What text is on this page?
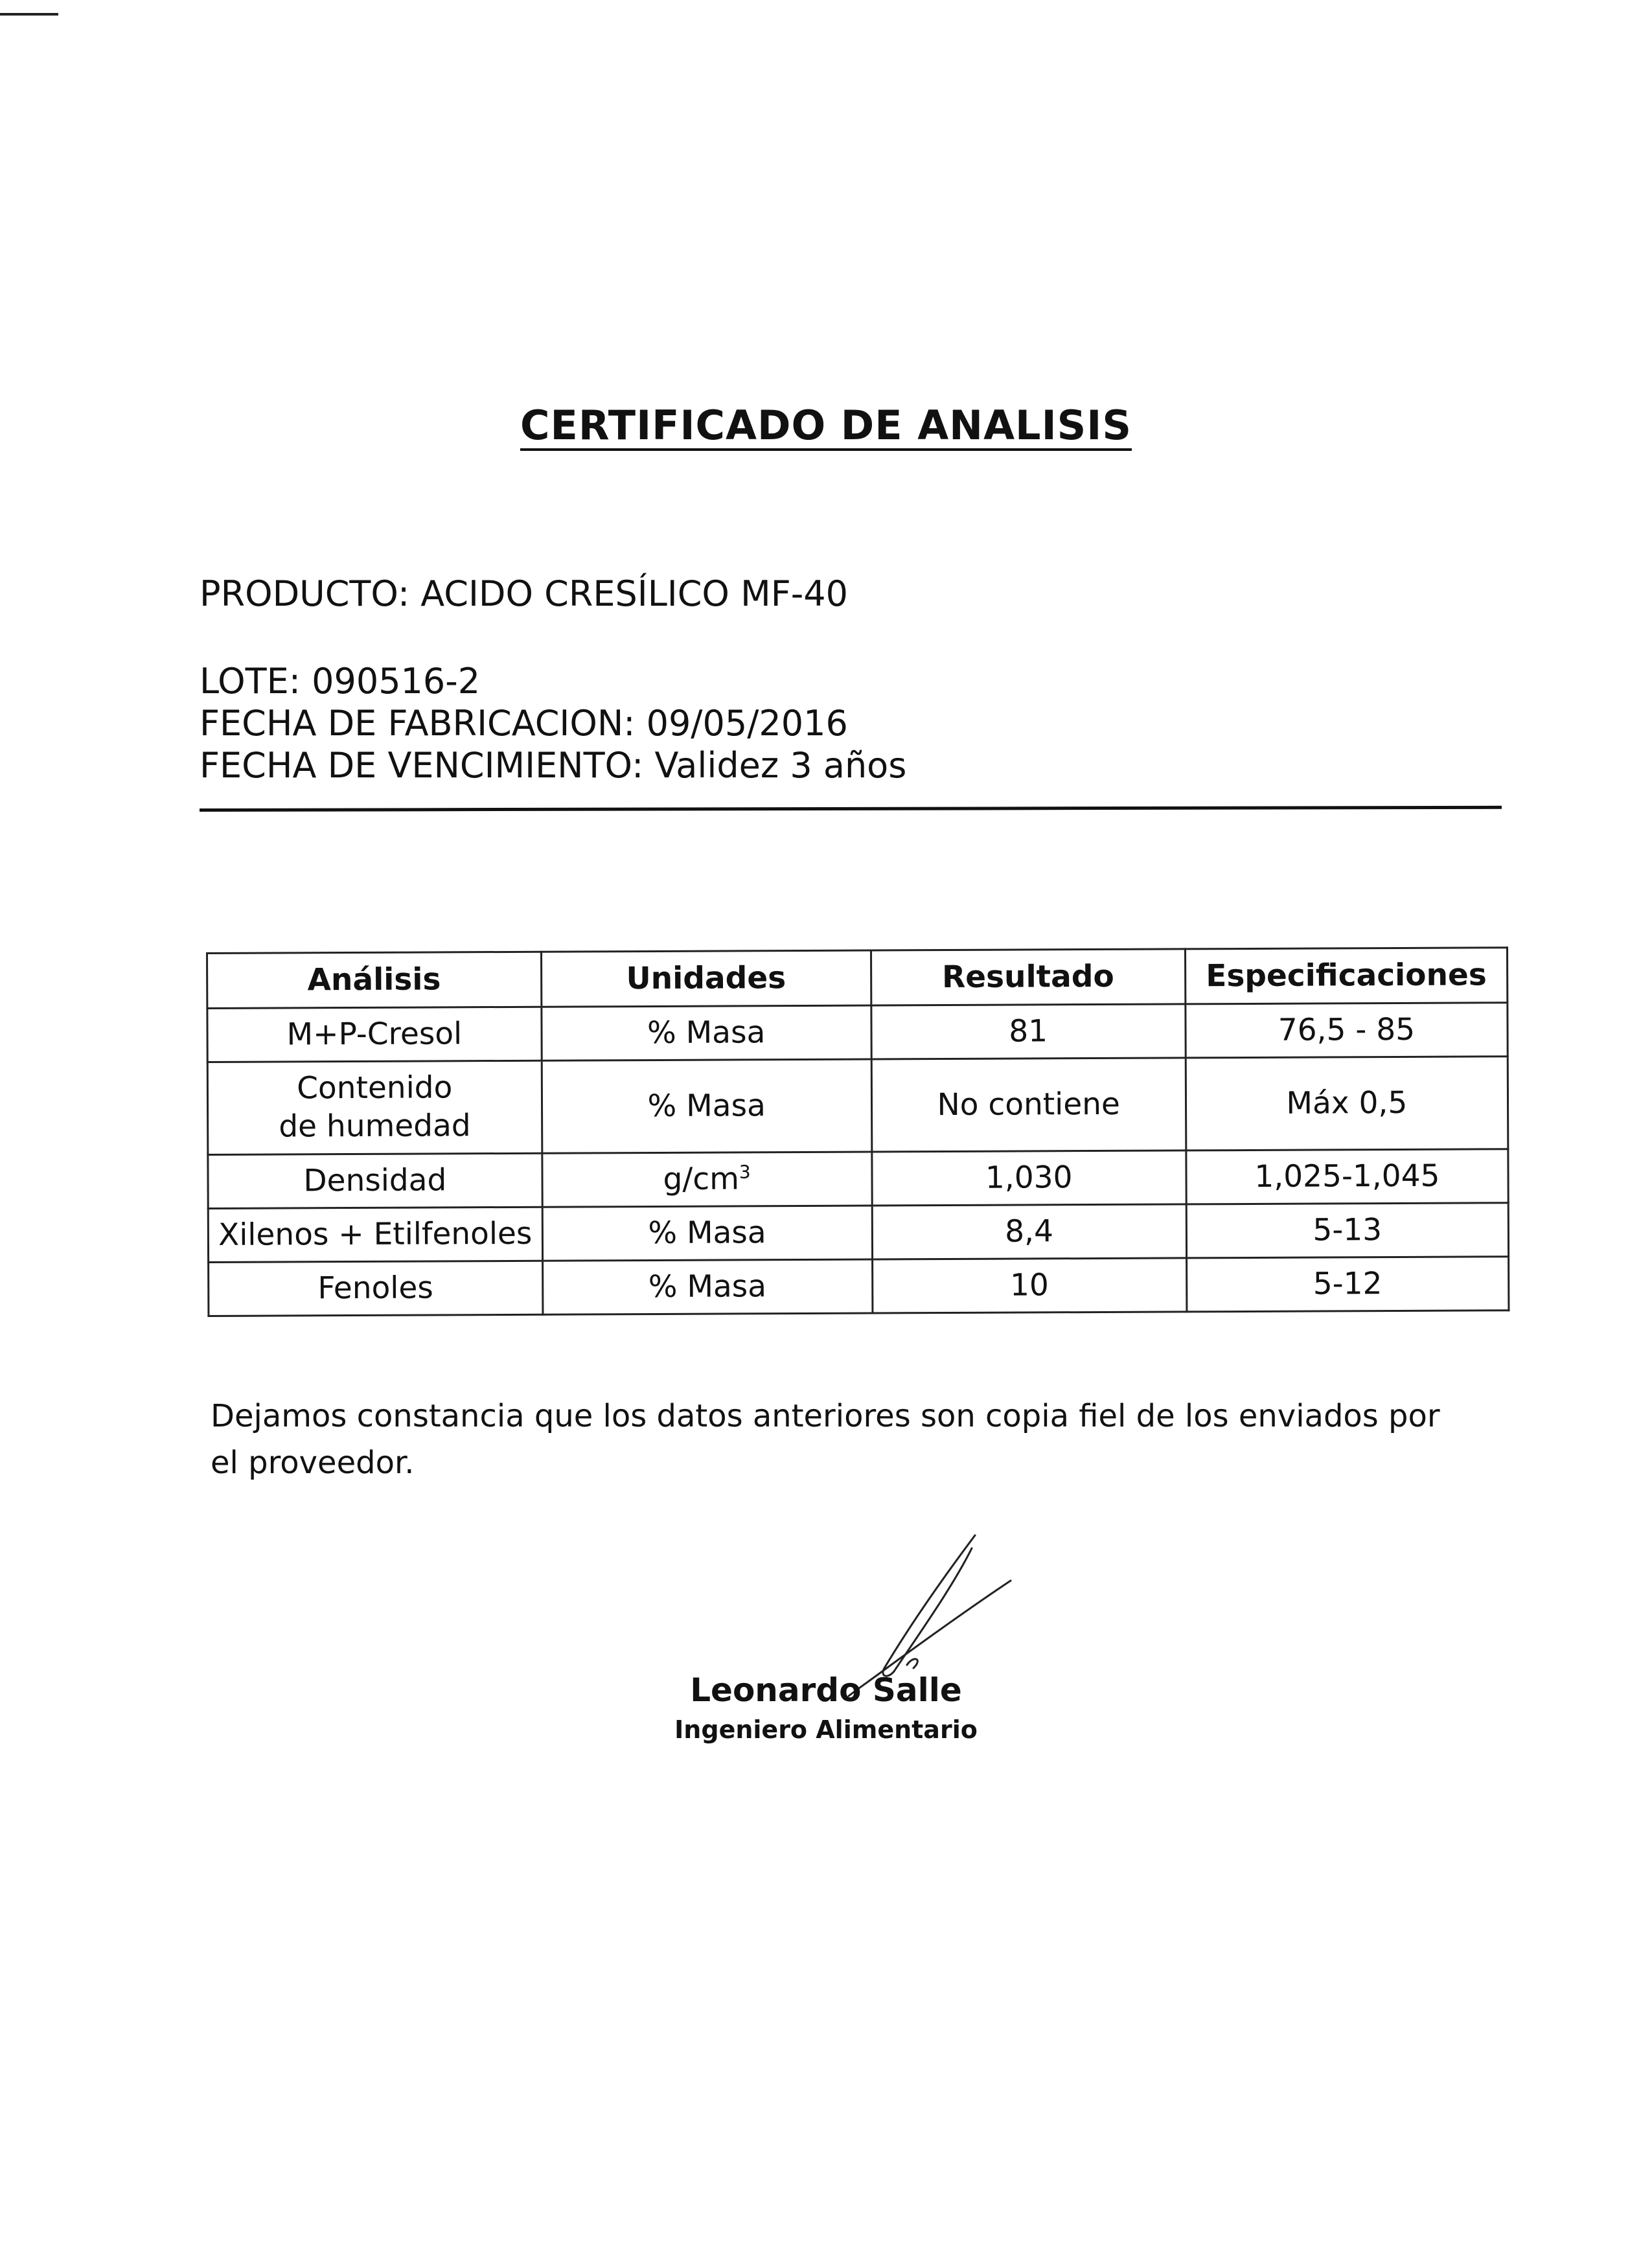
CERTIFICADO DE ANALISIS
PRODUCTO: ACIDO CRESÍLICO MF-40
LOTE: 090516-2
FECHA DE FABRICACION: 09/05/2016
FECHA DE VENCIMIENTO: Validez 3 años
Análisis	Unidades	Resultado	Especificaciones
M+P-Cresol	% Masa	81	76,5 - 85
Contenido de humedad	% Masa	No contiene	Máx 0,5
Densidad	$g/cm^3$	1,030	1,025-1,045
Xilenos + Etilfenoles	% Masa	8,4	5-13
Fenoles	% Masa	10	5-12
Dejamos constancia que los datos anteriores son copia fiel de los enviados por el proveedor.
Leonardo Salle
Ingeniero Alimentario
